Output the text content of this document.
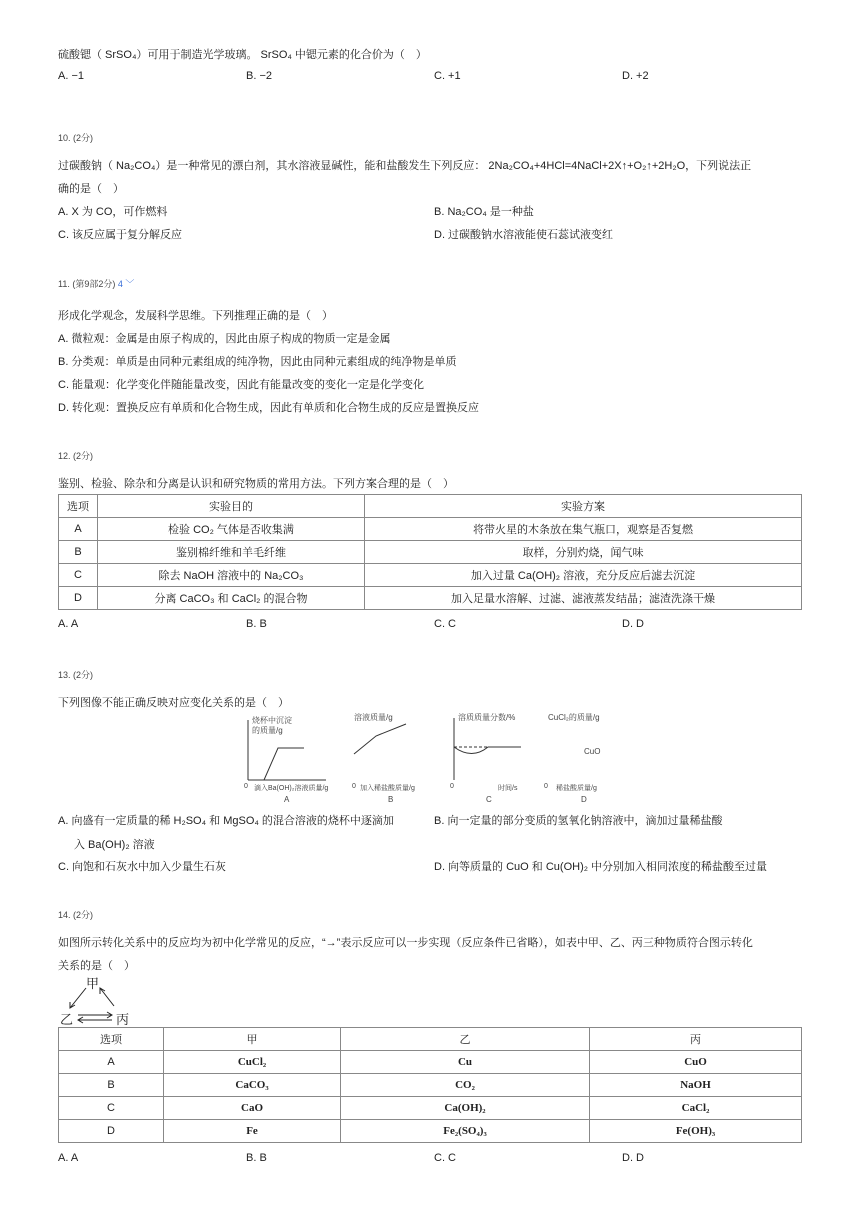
硫酸锶（ SrSO₄）可用于制造光学玻璃。 SrSO₄ 中锶元素的化合价为（　）
A. −1	B. −2	C. +1	D. +2
10. (2分)
过碳酸钠（ Na₂CO₄）是一种常见的漂白剂，其水溶液显碱性，能和盐酸发生下列反应： 2Na₂CO₄+4HCl=4NaCl+2X↑+O₂↑+2H₂O，下列说法正
确的是（　）
A. X 为 CO，可作燃料	B. Na₂CO₄ 是一种盐
C. 该反应属于复分解反应	D. 过碳酸钠水溶液能使石蕊试液变红
11. (第9部2分) 4 ﹀
形成化学观念，发展科学思维。下列推理正确的是（　）
A. 微粒观：金属是由原子构成的，因此由原子构成的物质一定是金属
B. 分类观：单质是由同种元素组成的纯净物，因此由同种元素组成的纯净物是单质
C. 能量观：化学变化伴随能量改变，因此有能量改变的变化一定是化学变化
D. 转化观：置换反应有单质和化合物生成，因此有单质和化合物生成的反应是置换反应
12. (2分)
鉴别、检验、除杂和分离是认识和研究物质的常用方法。下列方案合理的是（　）
选项	实验目的	实验方案
A	检验 CO₂ 气体是否收集满	将带火星的木条放在集气瓶口，观察是否复燃
B	鉴别棉纤维和羊毛纤维	取样，分别灼烧，闻气味
C	除去 NaOH 溶液中的 Na₂CO₃	加入过量 Ca(OH)₂ 溶液，充分反应后滤去沉淀
D	分离 CaCO₃ 和 CaCl₂ 的混合物	加入足量水溶解、过滤、滤液蒸发结晶；滤渣洗涤干燥
A. A	B. B	C. C	D. D
13. (2分)
下列图像不能正确反映对应变化关系的是（　）
烧杯中沉淀
的质量/g
0 滴入Ba(OH)₂溶液质量/g
A
溶液质量/g
0 加入稀盐酸质量/g
B
溶质质量分数/%
0	时间/s
C
CuCl₂的质量/g
CuO
0 稀盐酸质量/g
D
A. 向盛有一定质量的稀 H₂SO₄ 和 MgSO₄ 的混合溶液的烧杯中逐滴加
入 Ba(OH)₂ 溶液
B. 向一定量的部分变质的氢氧化钠溶液中，滴加过量稀盐酸
C. 向饱和石灰水中加入少量生石灰	D. 向等质量的 CuO 和 Cu(OH)₂ 中分别加入相同浓度的稀盐酸至过量
14. (2分)
如图所示转化关系中的反应均为初中化学常见的反应，“→”表示反应可以一步实现（反应条件已省略），如表中甲、乙、丙三种物质符合图示转化
关系的是（　）
甲
乙	丙
选项	甲	乙	丙
A	CuCl₂	Cu	CuO
B	CaCO₃	CO₂	NaOH
C	CaO	Ca(OH)₂	CaCl₂
D	Fe	Fe₂(SO₄)₃	Fe(OH)₃
A. A	B. B	C. C	D. D
